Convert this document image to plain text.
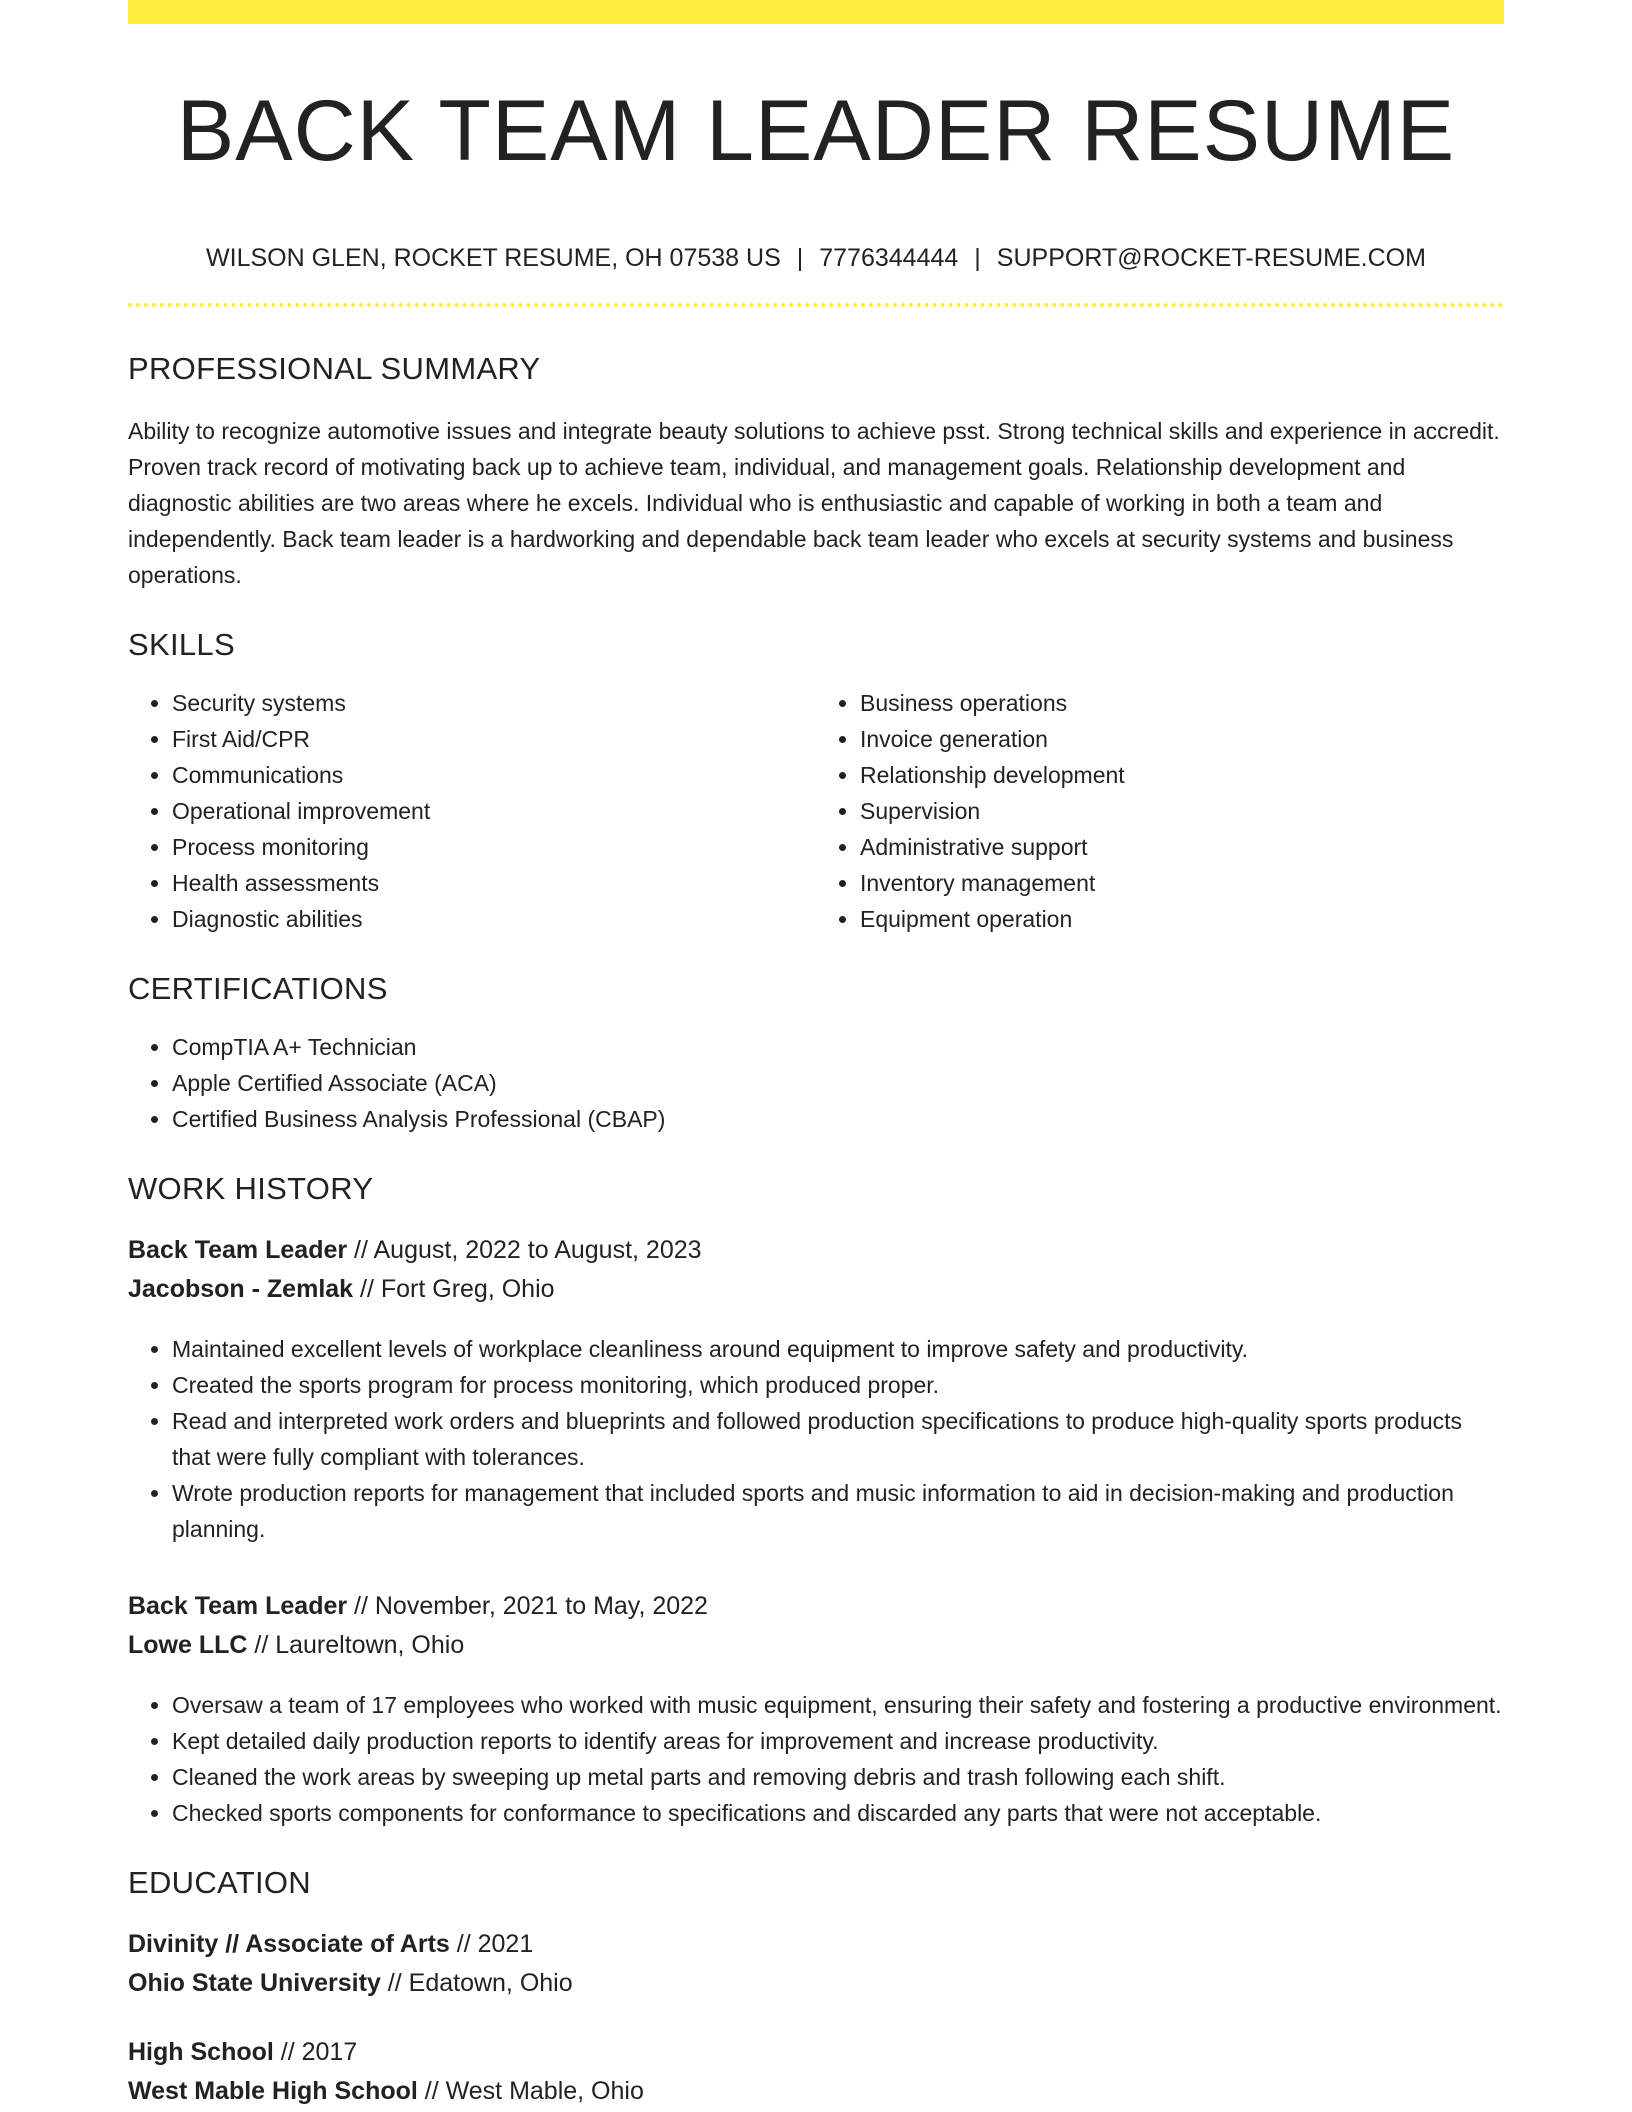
BACK TEAM LEADER RESUME
WILSON GLEN, ROCKET RESUME, OH 07538 US | 7776344444 | SUPPORT@ROCKET-RESUME.COM
PROFESSIONAL SUMMARY
Ability to recognize automotive issues and integrate beauty solutions to achieve psst. Strong technical skills and experience in accredit. Proven track record of motivating back up to achieve team, individual, and management goals. Relationship development and diagnostic abilities are two areas where he excels. Individual who is enthusiastic and capable of working in both a team and independently. Back team leader is a hardworking and dependable back team leader who excels at security systems and business operations.
SKILLS
• Security systems
• First Aid/CPR
• Communications
• Operational improvement
• Process monitoring
• Health assessments
• Diagnostic abilities
• Business operations
• Invoice generation
• Relationship development
• Supervision
• Administrative support
• Inventory management
• Equipment operation
CERTIFICATIONS
• CompTIA A+ Technician
• Apple Certified Associate (ACA)
• Certified Business Analysis Professional (CBAP)
WORK HISTORY
Back Team Leader // August, 2022 to August, 2023
Jacobson - Zemlak // Fort Greg, Ohio
• Maintained excellent levels of workplace cleanliness around equipment to improve safety and productivity.
• Created the sports program for process monitoring, which produced proper.
• Read and interpreted work orders and blueprints and followed production specifications to produce high-quality sports products that were fully compliant with tolerances.
• Wrote production reports for management that included sports and music information to aid in decision-making and production planning.
Back Team Leader // November, 2021 to May, 2022
Lowe LLC // Laureltown, Ohio
• Oversaw a team of 17 employees who worked with music equipment, ensuring their safety and fostering a productive environment.
• Kept detailed daily production reports to identify areas for improvement and increase productivity.
• Cleaned the work areas by sweeping up metal parts and removing debris and trash following each shift.
• Checked sports components for conformance to specifications and discarded any parts that were not acceptable.
EDUCATION
Divinity // Associate of Arts // 2021
Ohio State University // Edatown, Ohio
High School // 2017
West Mable High School // West Mable, Ohio
